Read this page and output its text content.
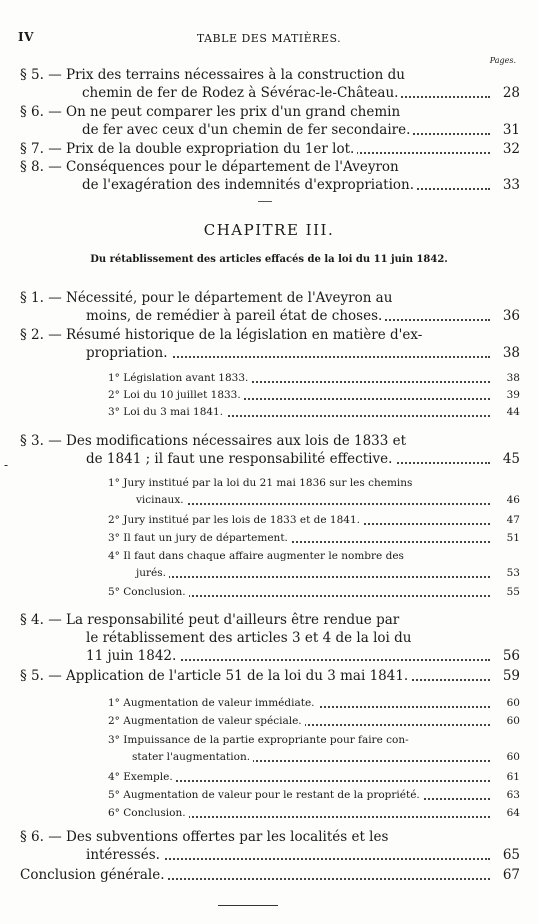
IV	TABLE DES MATIÈRES.
Pages.
§ 5. — Prix des terrains nécessaires à la construction du
chemin de fer de Rodez à Sévérac-le-Château.	28
§ 6. — On ne peut comparer les prix d'un grand chemin
de fer avec ceux d'un chemin de fer secondaire.	31
§ 7. — Prix de la double expropriation du 1er lot.	32
§ 8. — Conséquences pour le département de l'Aveyron
de l'exagération des indemnités d'expropriation.	33
§ 1. — Nécessité, pour le département de l'Aveyron au
moins, de remédier à pareil état de choses.	36
§ 2. — Résumé historique de la législation en matière d'ex-
propriation.	38
1° Législation avant 1833.	38
2° Loi du 10 juillet 1833.	39
3° Loi du 3 mai 1841.	44
§ 3. — Des modifications nécessaires aux lois de 1833 et
de 1841 ; il faut une responsabilité effective.	45
1° Jury institué par la loi du 21 mai 1836 sur les chemins
vicinaux.	46
2° Jury institué par les lois de 1833 et de 1841.	47
3° Il faut un jury de département.	51
4° Il faut dans chaque affaire augmenter le nombre des
jurés.	53
5° Conclusion.	55
§ 4. — La responsabilité peut d'ailleurs être rendue par
le rétablissement des articles 3 et 4 de la loi du
11 juin 1842.	56
§ 5. — Application de l'article 51 de la loi du 3 mai 1841.	59
1° Augmentation de valeur immédiate.	60
2° Augmentation de valeur spéciale.	60
3° Impuissance de la partie expropriante pour faire con-
stater l'augmentation.	60
4° Exemple.	61
5° Augmentation de valeur pour le restant de la propriété.	63
6° Conclusion.	64
§ 6. — Des subventions offertes par les localités et les
intéressés.	65
Conclusion générale.	67
CHAPITRE III.
Du rétablissement des articles effacés de la loi du 11 juin 1842.
-
